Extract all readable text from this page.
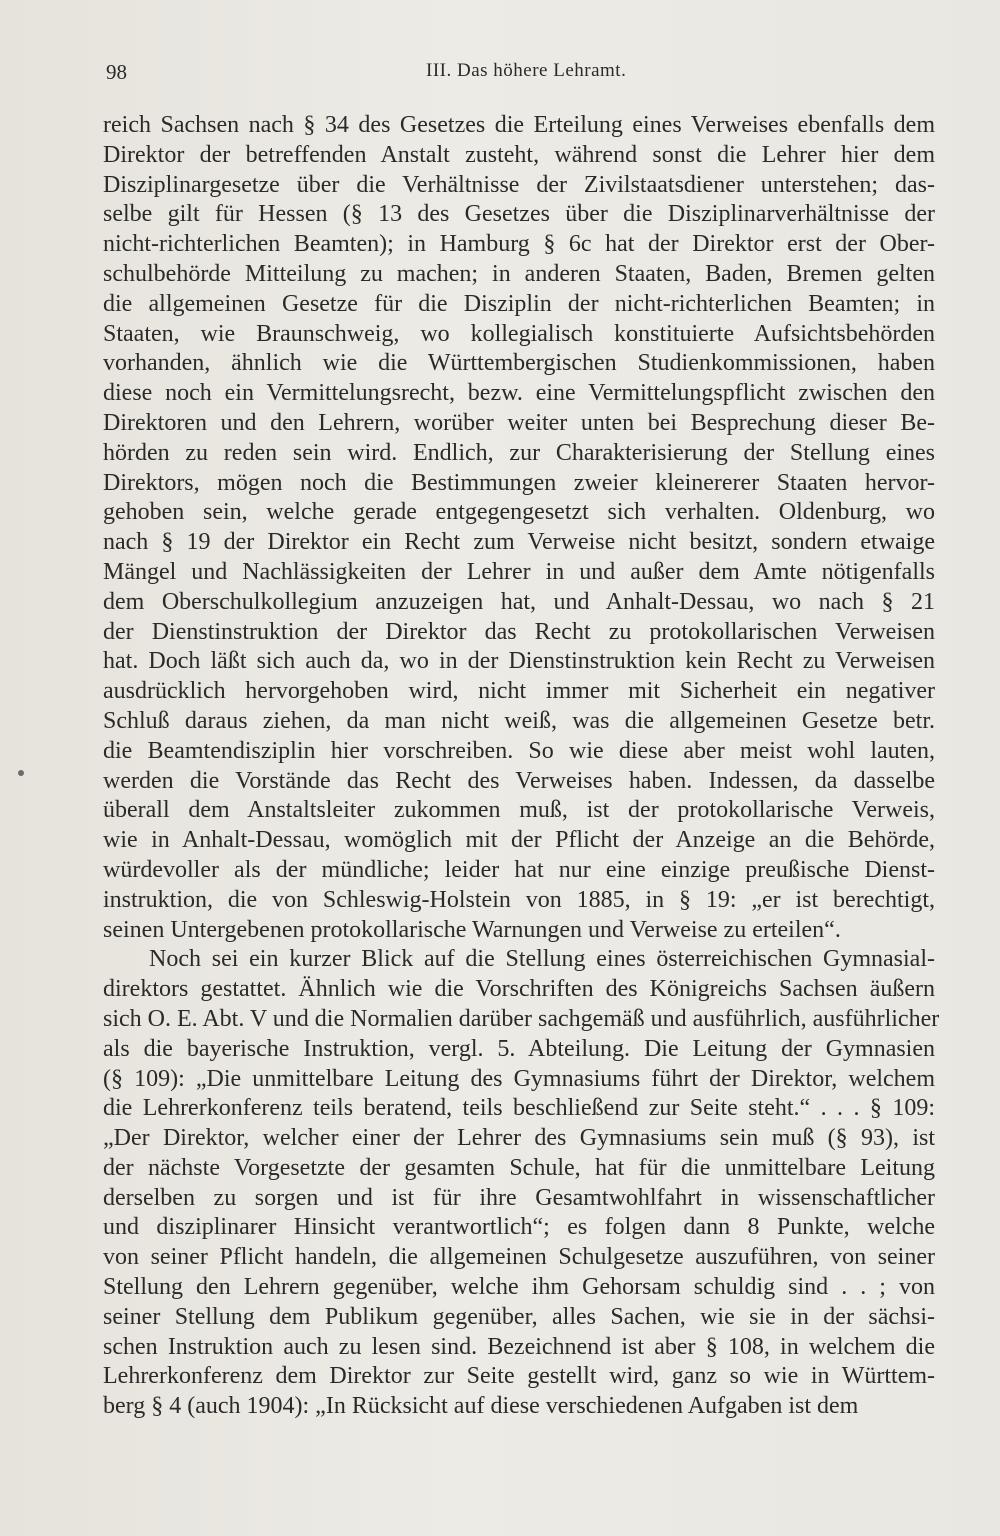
98	III. Das höhere Lehramt.
reich Sachsen nach § 34 des Gesetzes die Erteilung eines Verweises ebenfalls dem
Direktor der betreffenden Anstalt zusteht, während sonst die Lehrer hier dem
Disziplinargesetze über die Verhältnisse der Zivilstaatsdiener unterstehen; das-
selbe gilt für Hessen (§ 13 des Gesetzes über die Disziplinarverhältnisse der
nicht-richterlichen Beamten); in Hamburg § 6c hat der Direktor erst der Ober-
schulbehörde Mitteilung zu machen; in anderen Staaten, Baden, Bremen gelten
die allgemeinen Gesetze für die Disziplin der nicht-richterlichen Beamten; in
Staaten, wie Braunschweig, wo kollegialisch konstituierte Aufsichtsbehörden
vorhanden, ähnlich wie die Württembergischen Studienkommissionen, haben
diese noch ein Vermittelungsrecht, bezw. eine Vermittelungspflicht zwischen den
Direktoren und den Lehrern, worüber weiter unten bei Besprechung dieser Be-
hörden zu reden sein wird. Endlich, zur Charakterisierung der Stellung eines
Direktors, mögen noch die Bestimmungen zweier kleinererer Staaten hervor-
gehoben sein, welche gerade entgegengesetzt sich verhalten. Oldenburg, wo
nach § 19 der Direktor ein Recht zum Verweise nicht besitzt, sondern etwaige
Mängel und Nachlässigkeiten der Lehrer in und außer dem Amte nötigenfalls
dem Oberschulkollegium anzuzeigen hat, und Anhalt-Dessau, wo nach § 21
der Dienstinstruktion der Direktor das Recht zu protokollarischen Verweisen
hat. Doch läßt sich auch da, wo in der Dienstinstruktion kein Recht zu Verweisen
ausdrücklich hervorgehoben wird, nicht immer mit Sicherheit ein negativer
Schluß daraus ziehen, da man nicht weiß, was die allgemeinen Gesetze betr.
die Beamtendisziplin hier vorschreiben. So wie diese aber meist wohl lauten,
werden die Vorstände das Recht des Verweises haben. Indessen, da dasselbe
überall dem Anstaltsleiter zukommen muß, ist der protokollarische Verweis,
wie in Anhalt-Dessau, womöglich mit der Pflicht der Anzeige an die Behörde,
würdevoller als der mündliche; leider hat nur eine einzige preußische Dienst-
instruktion, die von Schleswig-Holstein von 1885, in § 19: „er ist berechtigt,
seinen Untergebenen protokollarische Warnungen und Verweise zu erteilen“.
Noch sei ein kurzer Blick auf die Stellung eines österreichischen Gymnasial-
direktors gestattet. Ähnlich wie die Vorschriften des Königreichs Sachsen äußern
sich O. E. Abt. V und die Normalien darüber sachgemäß und ausführlich, ausführlicher
als die bayerische Instruktion, vergl. 5. Abteilung. Die Leitung der Gymnasien
(§ 109): „Die unmittelbare Leitung des Gymnasiums führt der Direktor, welchem
die Lehrerkonferenz teils beratend, teils beschließend zur Seite steht.“ . . . § 109:
„Der Direktor, welcher einer der Lehrer des Gymnasiums sein muß (§ 93), ist
der nächste Vorgesetzte der gesamten Schule, hat für die unmittelbare Leitung
derselben zu sorgen und ist für ihre Gesamtwohlfahrt in wissenschaftlicher
und disziplinarer Hinsicht verantwortlich“; es folgen dann 8 Punkte, welche
von seiner Pflicht handeln, die allgemeinen Schulgesetze auszuführen, von seiner
Stellung den Lehrern gegenüber, welche ihm Gehorsam schuldig sind . . ; von
seiner Stellung dem Publikum gegenüber, alles Sachen, wie sie in der sächsi-
schen Instruktion auch zu lesen sind. Bezeichnend ist aber § 108, in welchem die
Lehrerkonferenz dem Direktor zur Seite gestellt wird, ganz so wie in Württem-
berg § 4 (auch 1904): „In Rücksicht auf diese verschiedenen Aufgaben ist dem
